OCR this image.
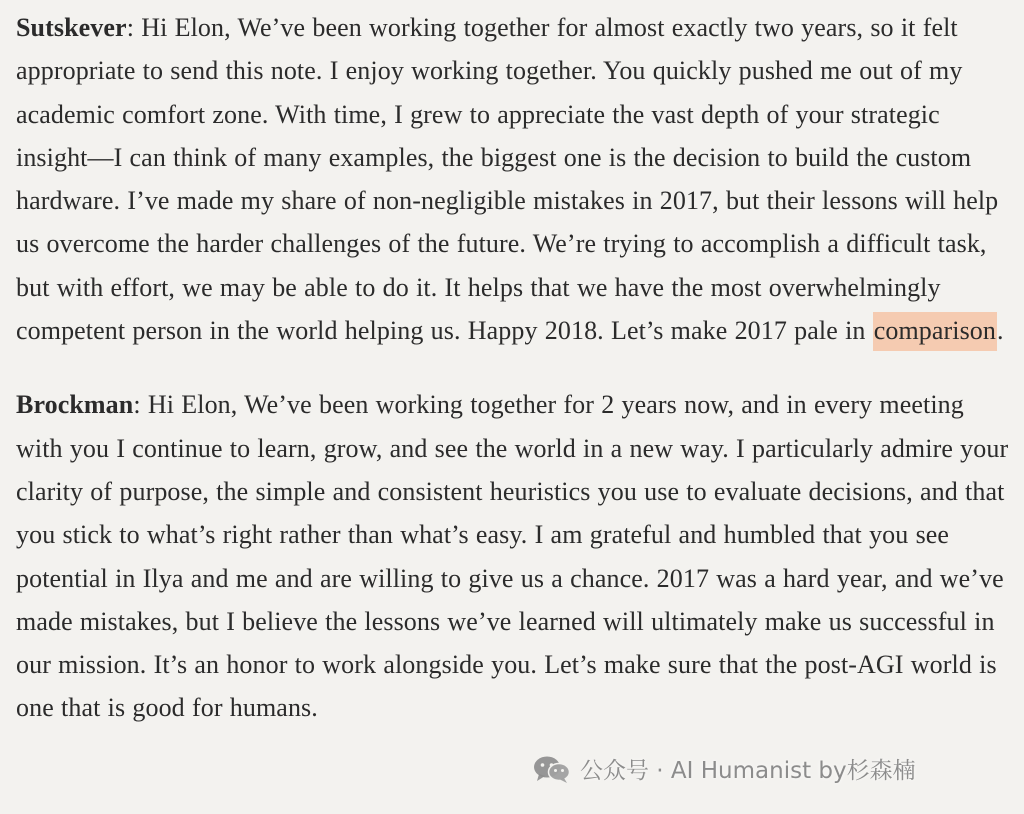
Sutskever: Hi Elon, We’ve been working together for almost exactly two years, so it felt appropriate to send this note. I enjoy working together. You quickly pushed me out of my academic comfort zone. With time, I grew to appreciate the vast depth of your strategic insight—I can think of many examples, the biggest one is the decision to build the custom hardware. I’ve made my share of non-negligible mistakes in 2017, but their lessons will help us overcome the harder challenges of the future. We’re trying to accomplish a difficult task, but with effort, we may be able to do it. It helps that we have the most overwhelmingly competent person in the world helping us. Happy 2018. Let’s make 2017 pale in comparison.

Brockman: Hi Elon, We’ve been working together for 2 years now, and in every meeting with you I continue to learn, grow, and see the world in a new way. I particularly admire your clarity of purpose, the simple and consistent heuristics you use to evaluate decisions, and that you stick to what’s right rather than what’s easy. I am grateful and humbled that you see potential in Ilya and me and are willing to give us a chance. 2017 was a hard year, and we’ve made mistakes, but I believe the lessons we’ve learned will ultimately make us successful in our mission. It’s an honor to work alongside you. Let’s make sure that the post-AGI world is one that is good for humans.

公众号 · AI Humanist by杉森楠
